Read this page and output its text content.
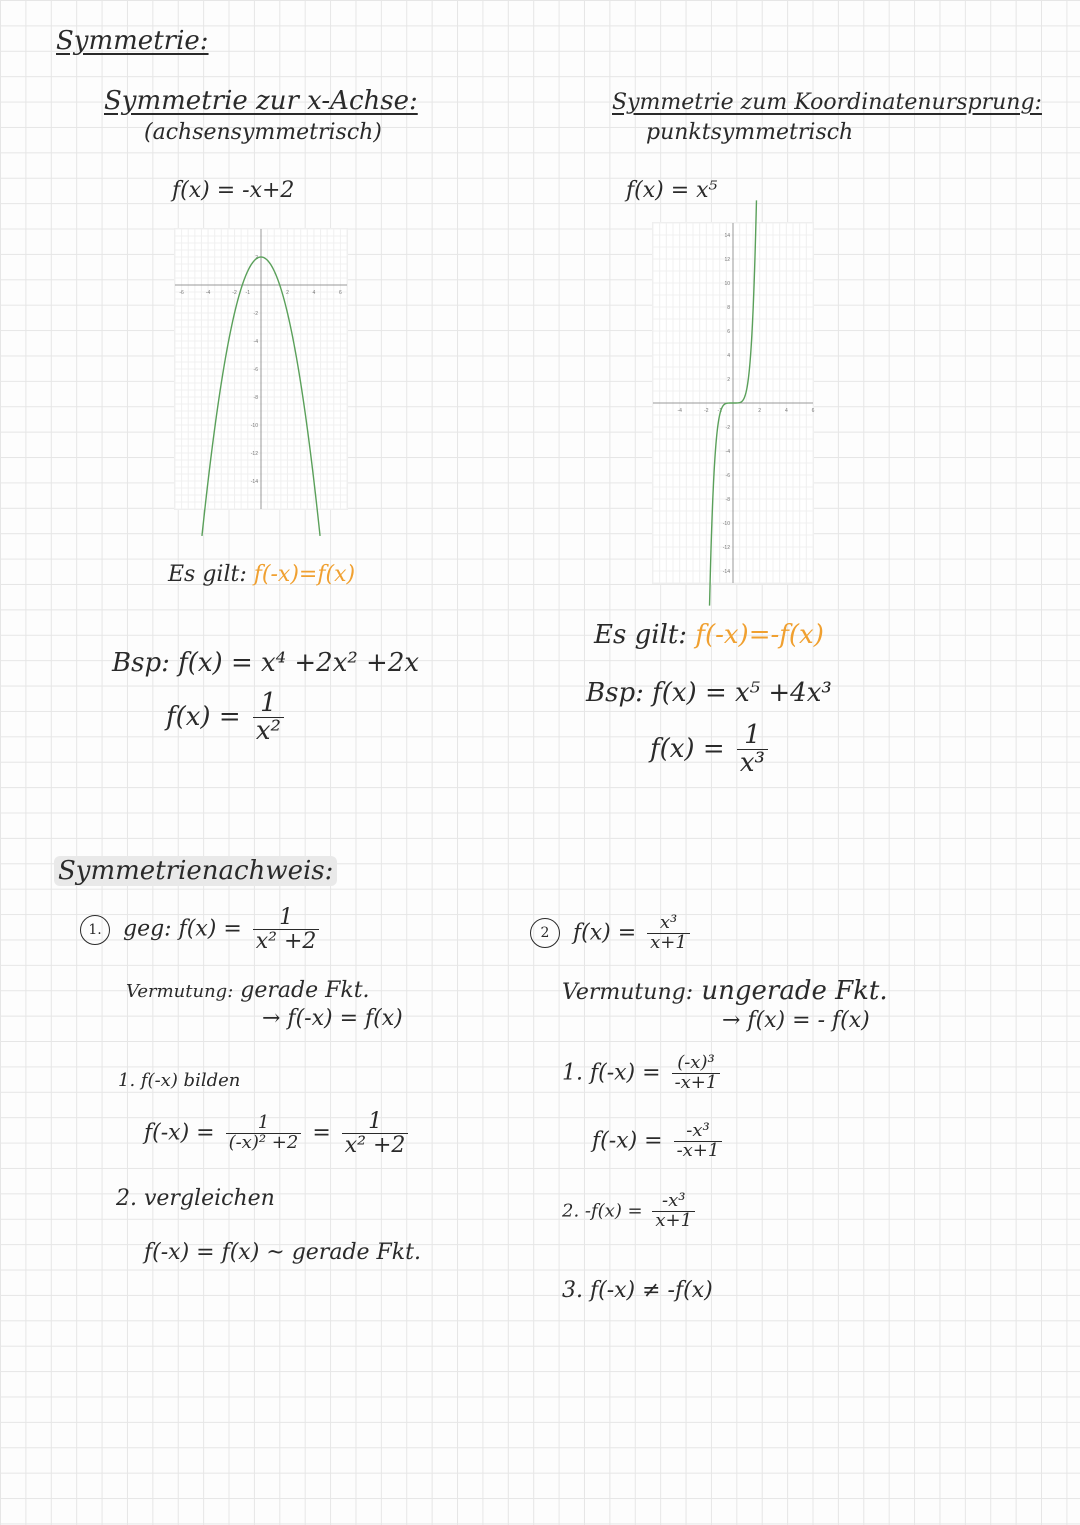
Symmetrie:
Symmetrie zur x-Achse:
(achsensymmetrisch)
f(x) = -x+2
-6	-4	-2 -1	2	4	6
2
-2
-4
-6
-8
-10
-12
-14
Es gilt: f(-x)=f(x)
Bsp: f(x) = x⁴ +2x² +2x
$f(x) = \frac{1}{\text{x²}}$
Symmetrie zum Koordinatenursprung:
punktsymmetrisch
f(x) = x⁵
-4	-2 -1	2	4	6
14
12
10
8
6
4
2
-2
-4
-6
-8
-10
-12
-14
Es gilt: f(-x)=-f(x)
Bsp: f(x) = x⁵ +4x³
$f(x) = \frac{1}{\text{x³}}$
Symmetrienachweis:
1. geg: $f(x) = \frac{1}{\text{x² +2}}$
Vermutung: gerade Fkt.
→ f(-x) = f(x)
1. f(-x) bilden
$f(-x) = \frac{1}{\text{(-x)² +2}} = \frac{1}{\text{x² +2}}$
2. vergleichen
f(-x) = f(x) ~ gerade Fkt.
2 $f(x) = \frac{\text{x³}}{x+1}$
Vermutung: ungerade Fkt.
→ f(x) = - f(x)
1. $f(-x) = \frac{\text{(-x)³}}{-x+1}$
$f(-x) = \frac{\text{-x³}}{-x+1}$
2. $-f(x) = \frac{\text{-x³}}{x+1}$
3. f(-x) ≠ -f(x)
